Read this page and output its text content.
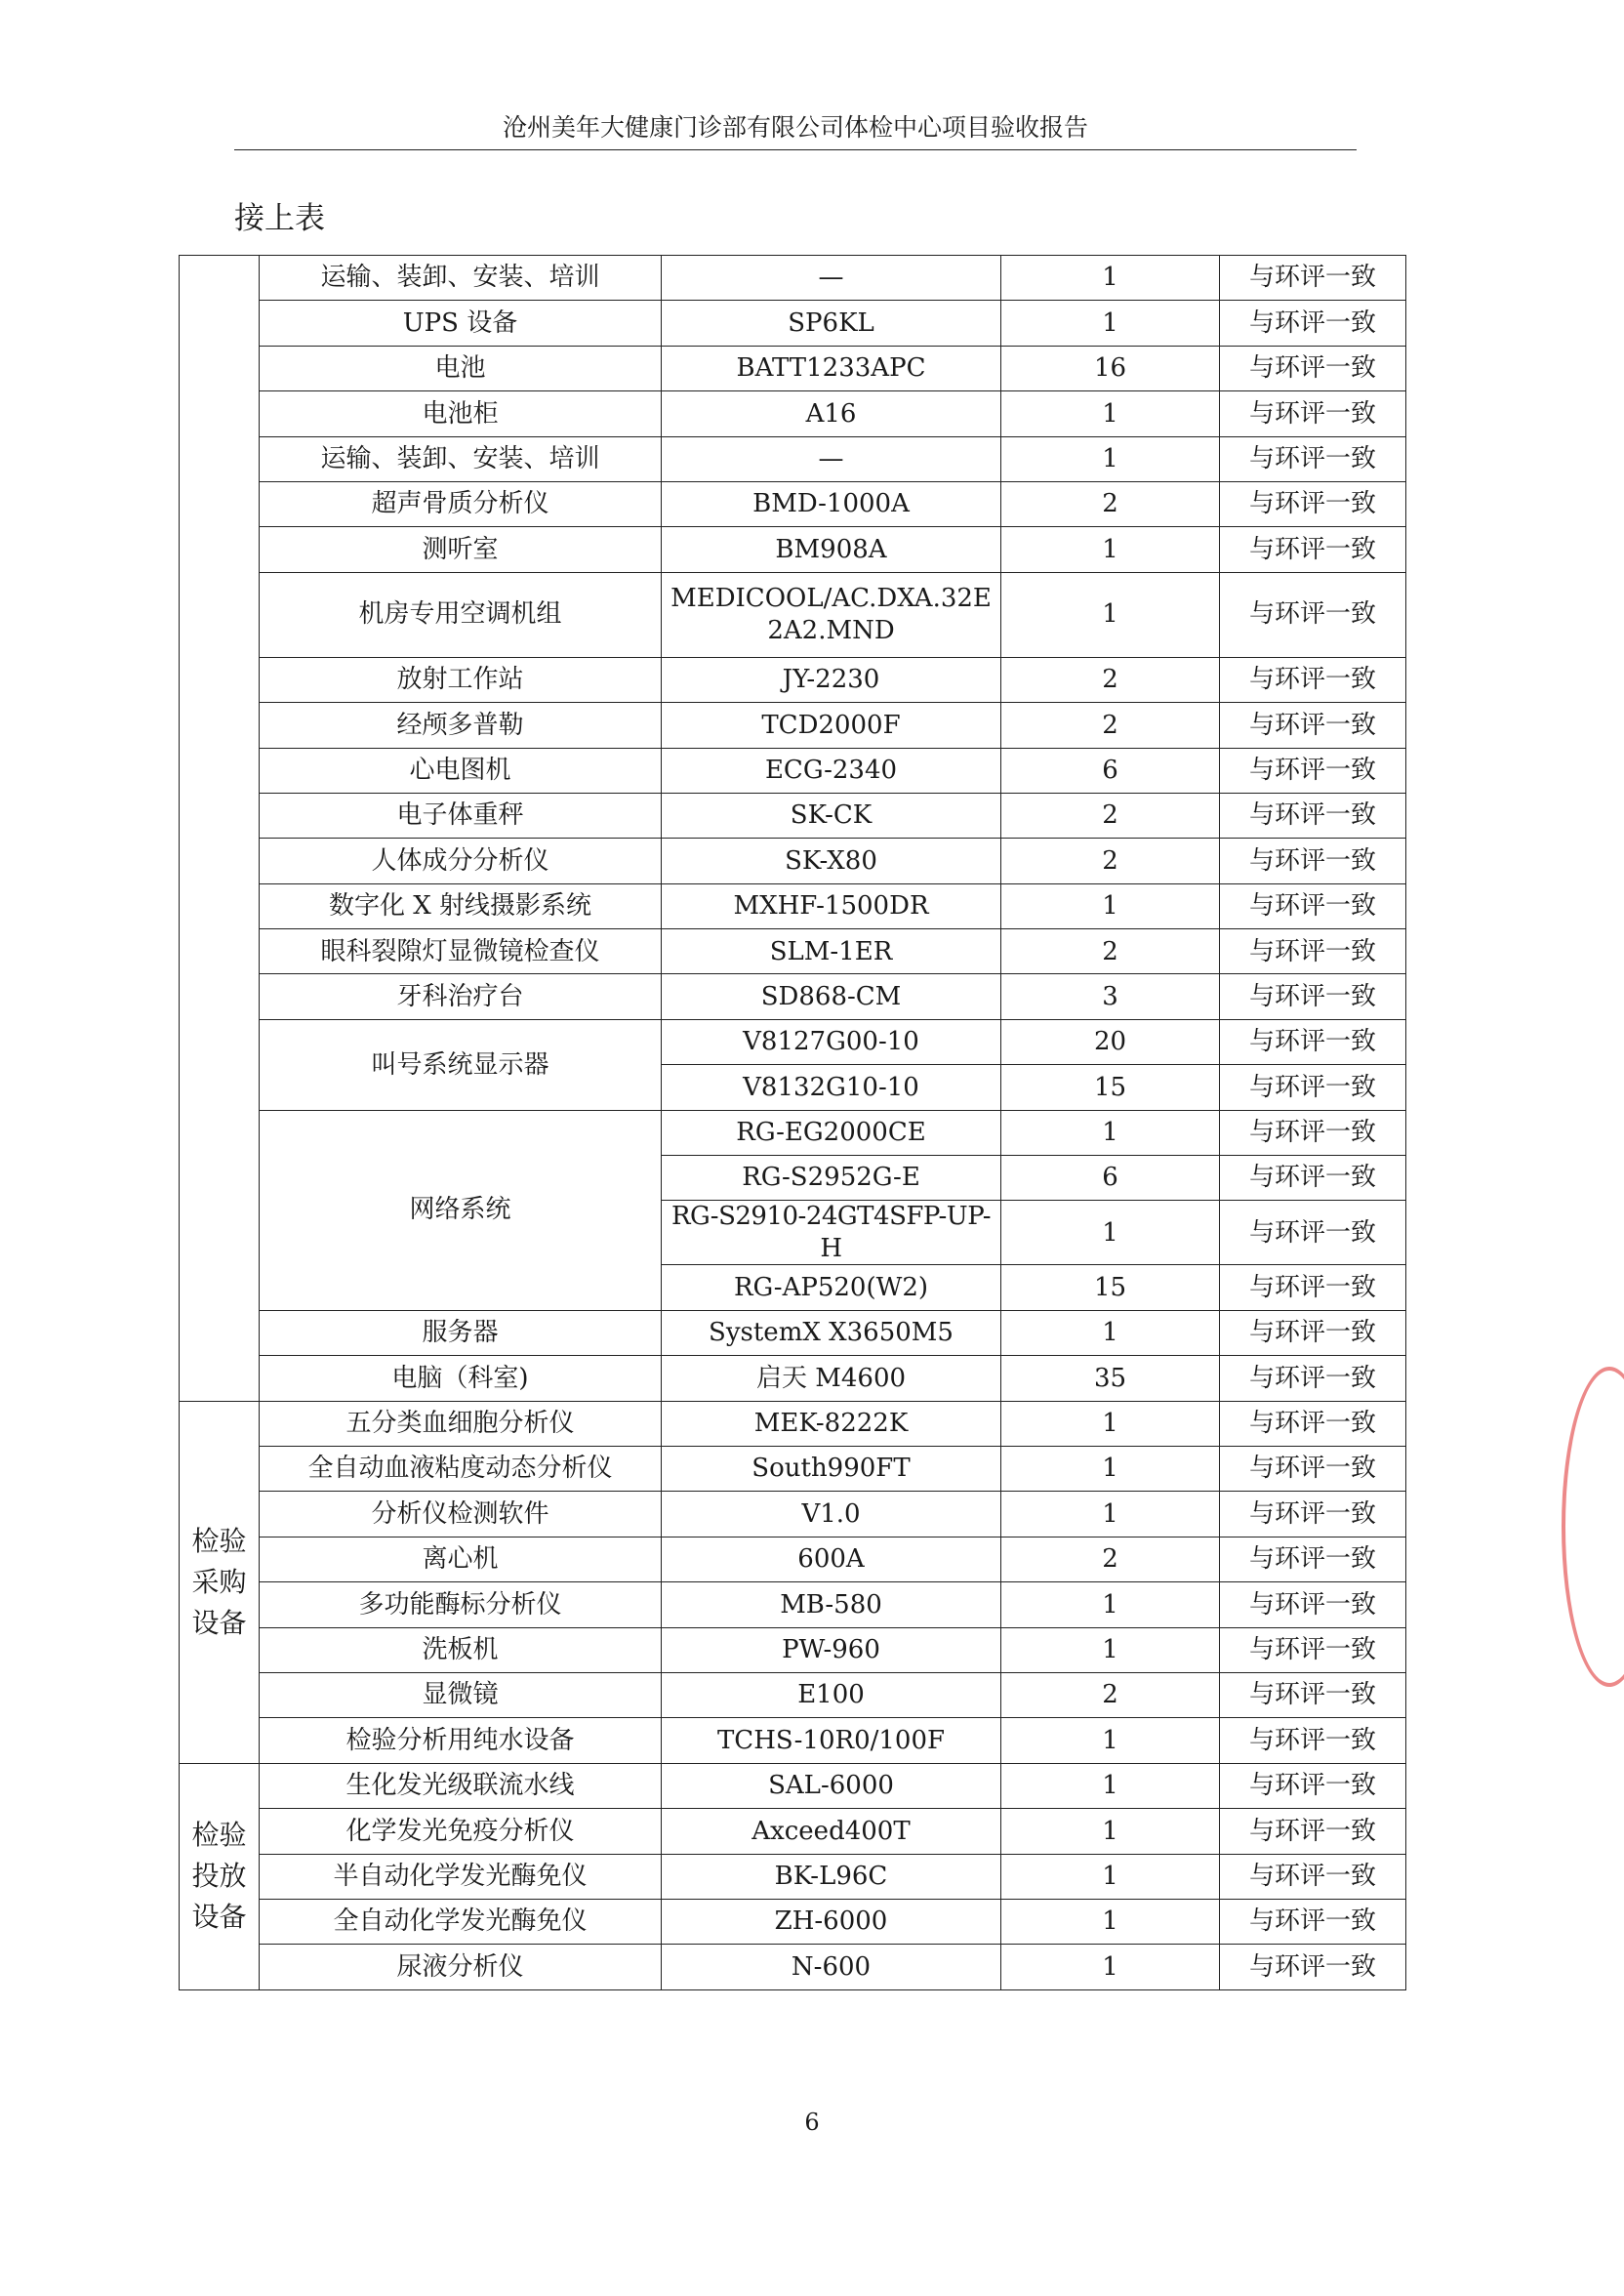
沧州美年大健康门诊部有限公司体检中心项目验收报告
接上表
	运输、装卸、安装、培训	—	1	与环评一致
	UPS 设备	SP6KL	1	与环评一致
	电池	BATT1233APC	16	与环评一致
	电池柜	A16	1	与环评一致
	运输、装卸、安装、培训	—	1	与环评一致
	超声骨质分析仪	BMD-1000A	2	与环评一致
	测听室	BM908A	1	与环评一致
	机房专用空调机组	MEDICOOL/AC.DXA.32E2A2.MND	1	与环评一致
	放射工作站	JY-2230	2	与环评一致
	经颅多普勒	TCD2000F	2	与环评一致
	心电图机	ECG-2340	6	与环评一致
	电子体重秤	SK-CK	2	与环评一致
	人体成分分析仪	SK-X80	2	与环评一致
	数字化 X 射线摄影系统	MXHF-1500DR	1	与环评一致
	眼科裂隙灯显微镜检查仪	SLM-1ER	2	与环评一致
	牙科治疗台	SD868-CM	3	与环评一致
	叫号系统显示器	V8127G00-10	20	与环评一致
		V8132G10-10	15	与环评一致
	网络系统	RG-EG2000CE	1	与环评一致
		RG-S2952G-E	6	与环评一致
		RG-S2910-24GT4SFP-UP-H	1	与环评一致
		RG-AP520(W2)	15	与环评一致
	服务器	SystemX X3650M5	1	与环评一致
	电脑（科室)	启天 M4600	35	与环评一致
检验
采购
设备	五分类血细胞分析仪	MEK-8222K	1	与环评一致
	全自动血液粘度动态分析仪	South990FT	1	与环评一致
	分析仪检测软件	V1.0	1	与环评一致
	离心机	600A	2	与环评一致
	多功能酶标分析仪	MB-580	1	与环评一致
	洗板机	PW-960	1	与环评一致
	显微镜	E100	2	与环评一致
	检验分析用纯水设备	TCHS-10R0/100F	1	与环评一致
检验
投放
设备	生化发光级联流水线	SAL-6000	1	与环评一致
	化学发光免疫分析仪	Axceed400T	1	与环评一致
	半自动化学发光酶免仪	BK-L96C	1	与环评一致
	全自动化学发光酶免仪	ZH-6000	1	与环评一致
	尿液分析仪	N-600	1	与环评一致
6
